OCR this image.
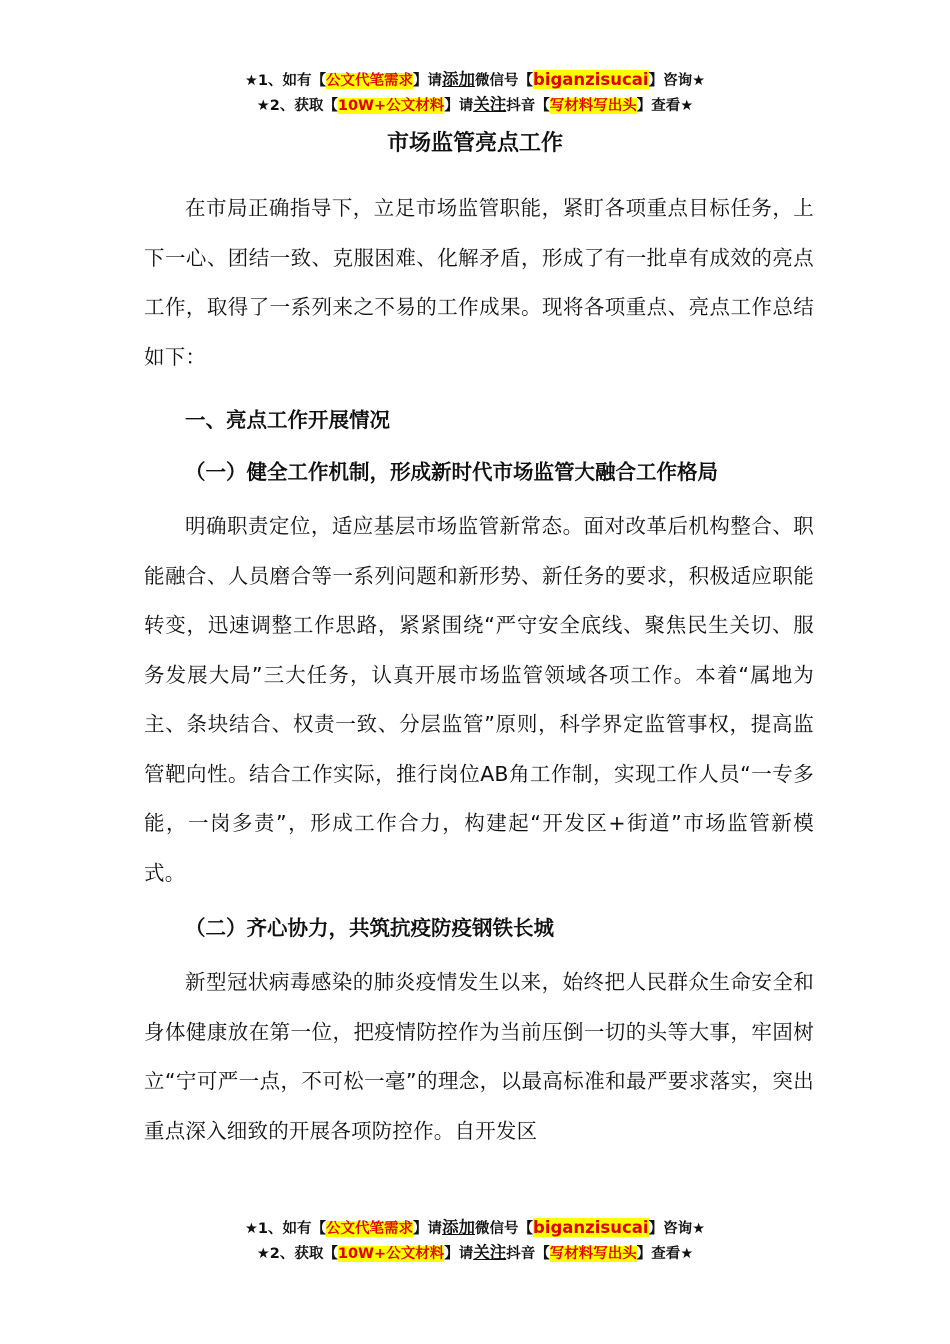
★1、如有【公文代笔需求】请添加微信号【biganzisucai】咨询★
★2、获取【10W+公文材料】请关注抖音【写材料写出头】查看★
市场监管亮点工作

在市局正确指导下，立足市场监管职能，紧盯各项重点目标任务，上下一心、团结一致、克服困难、化解矛盾，形成了有一批卓有成效的亮点工作，取得了一系列来之不易的工作成果。现将各项重点、亮点工作总结如下：

一、亮点工作开展情况
（一）健全工作机制，形成新时代市场监管大融合工作格局

明确职责定位，适应基层市场监管新常态。面对改革后机构整合、职能融合、人员磨合等一系列问题和新形势、新任务的要求，积极适应职能转变，迅速调整工作思路，紧紧围绕“严守安全底线、聚焦民生关切、服务发展大局”三大任务，认真开展市场监管领域各项工作。本着“属地为主、条块结合、权责一致、分层监管”原则，科学界定监管事权，提高监管靶向性。结合工作实际，推行岗位AB角工作制，实现工作人员“一专多能，一岗多责”，形成工作合力，构建起“开发区+街道”市场监管新模式。

（二）齐心协力，共筑抗疫防疫钢铁长城

新型冠状病毒感染的肺炎疫情发生以来，始终把人民群众生命安全和身体健康放在第一位，把疫情防控作为当前压倒一切的头等大事，牢固树立“宁可严一点，不可松一毫”的理念，以最高标准和最严要求落实，突出重点深入细致的开展各项防控作。自开发区

★1、如有【公文代笔需求】请添加微信号【biganzisucai】咨询★
★2、获取【10W+公文材料】请关注抖音【写材料写出头】查看★
